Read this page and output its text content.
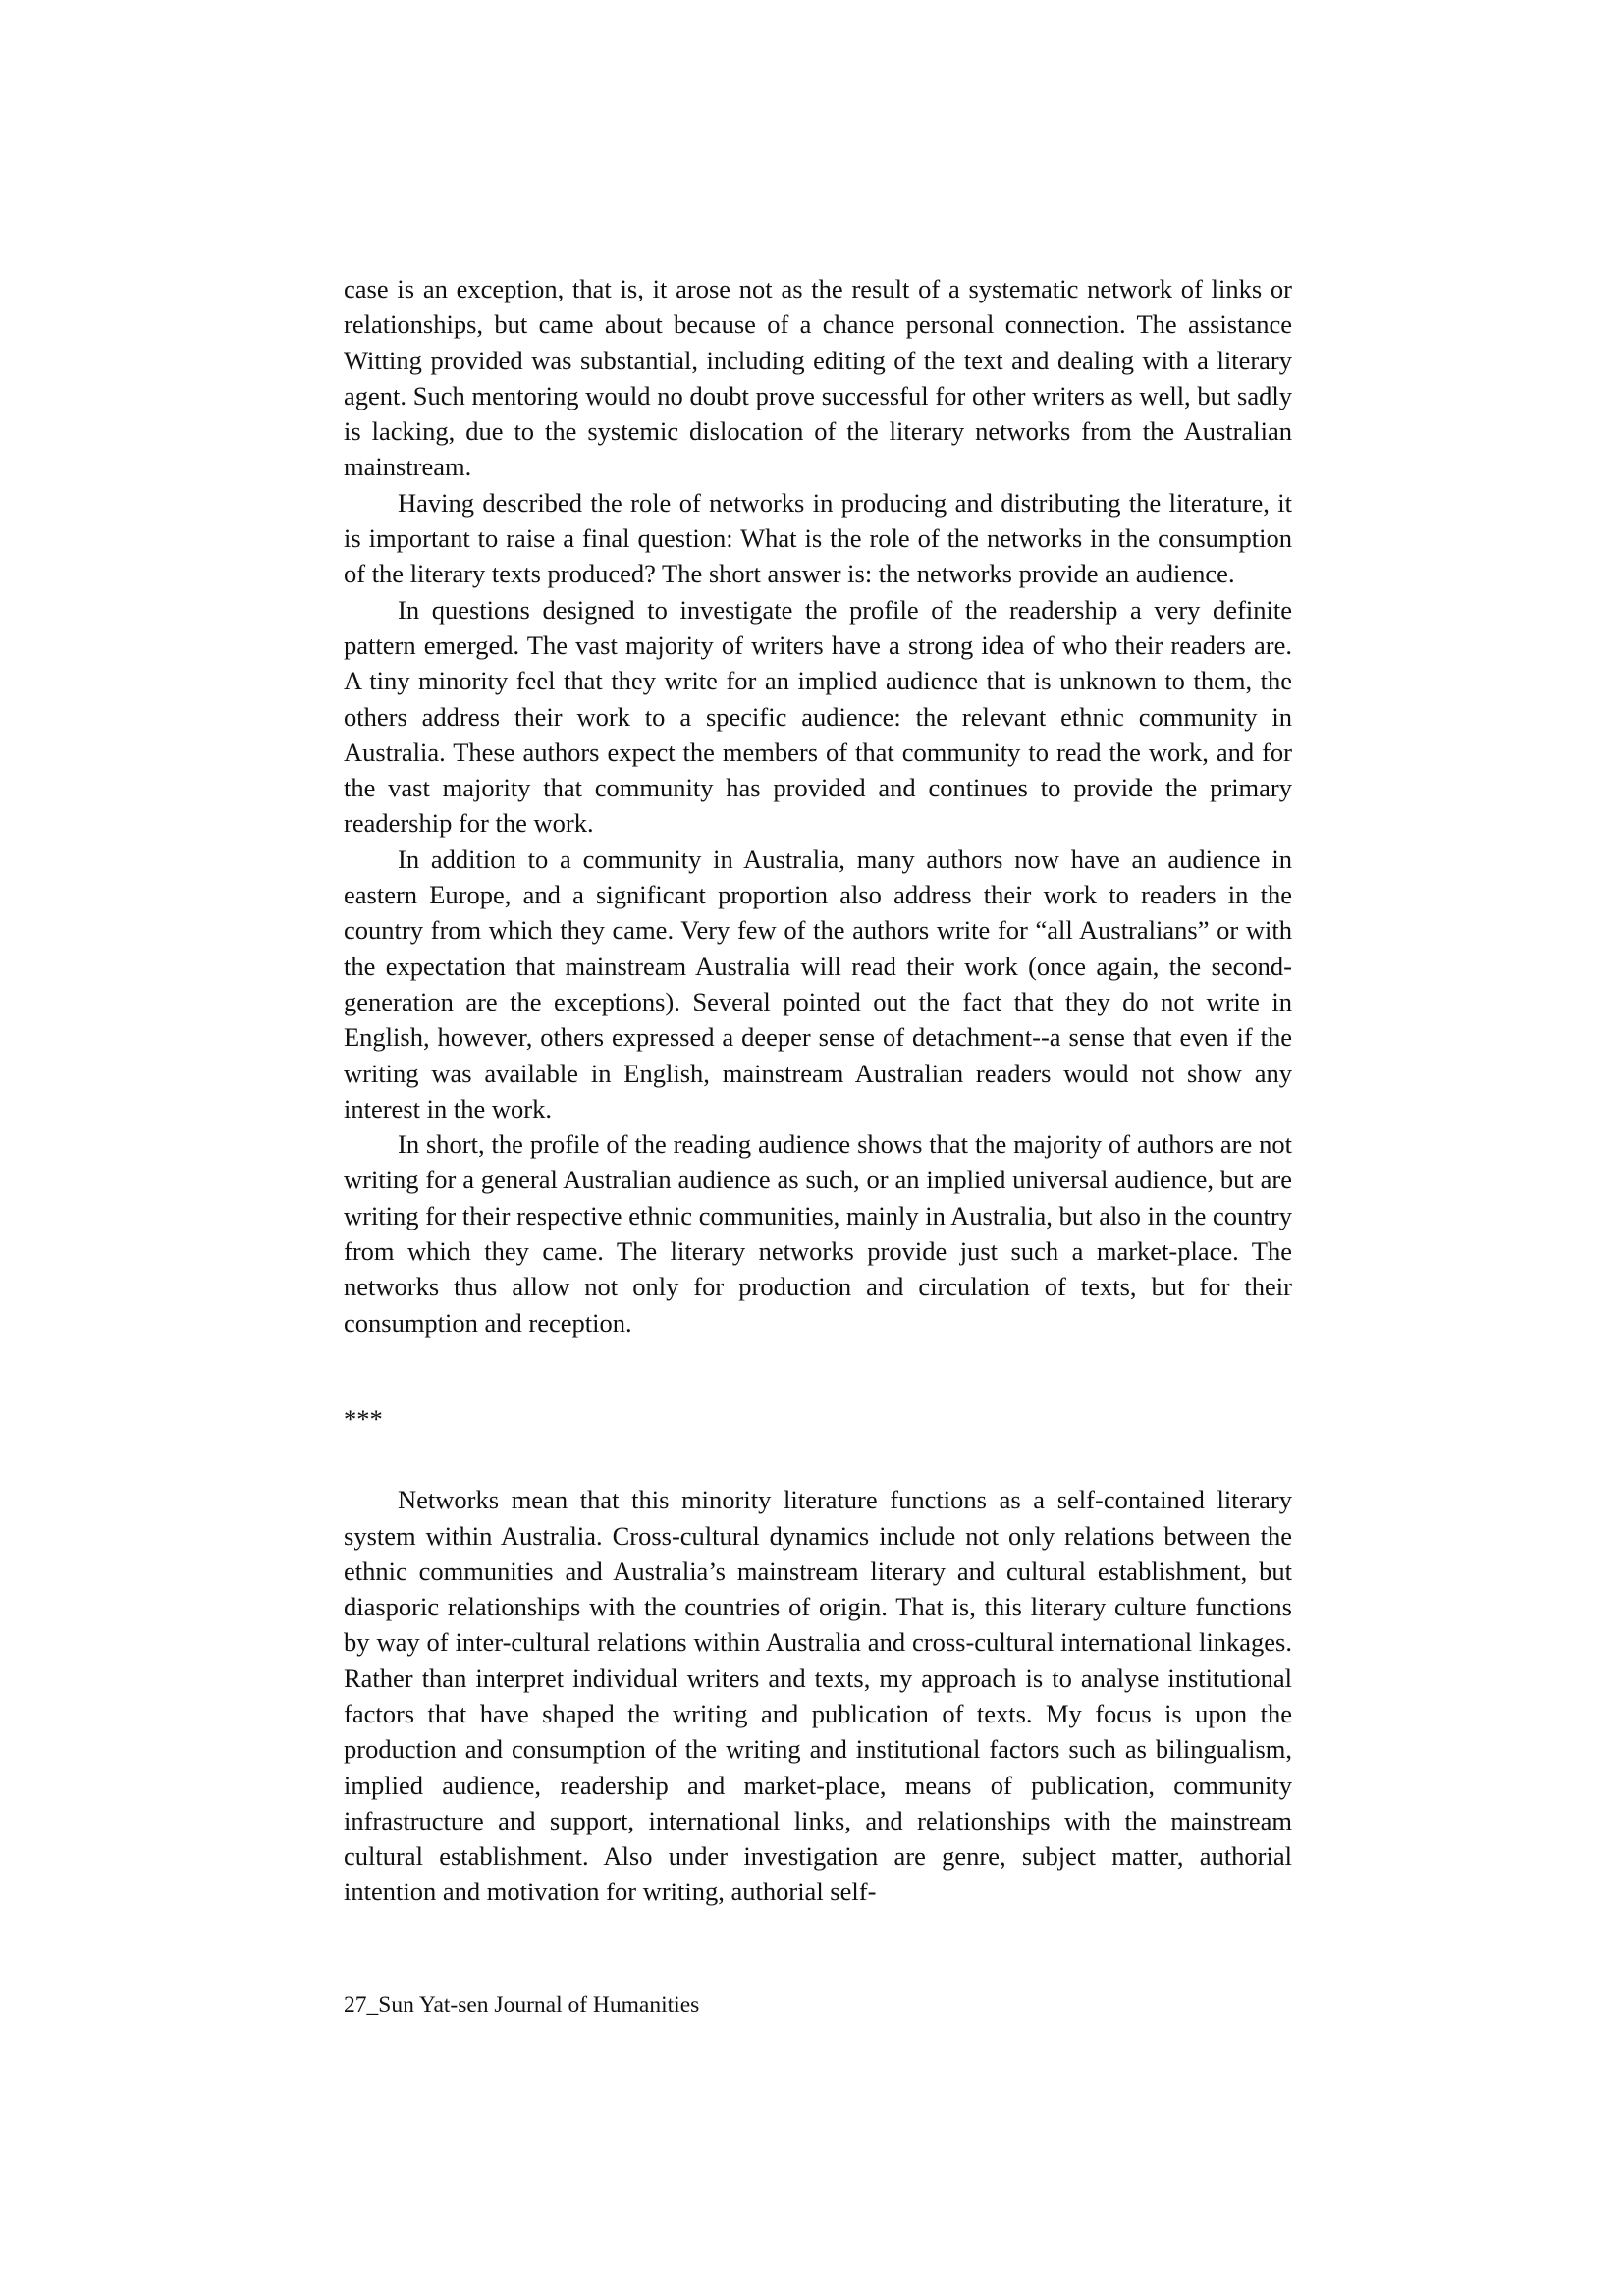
case is an exception, that is, it arose not as the result of a systematic network of links or relationships, but came about because of a chance personal connection. The assistance Witting provided was substantial, including editing of the text and dealing with a literary agent. Such mentoring would no doubt prove successful for other writers as well, but sadly is lacking, due to the systemic dislocation of the literary networks from the Australian mainstream.

Having described the role of networks in producing and distributing the literature, it is important to raise a final question: What is the role of the networks in the consumption of the literary texts produced? The short answer is: the networks provide an audience.

In questions designed to investigate the profile of the readership a very definite pattern emerged. The vast majority of writers have a strong idea of who their readers are. A tiny minority feel that they write for an implied audience that is unknown to them, the others address their work to a specific audience: the relevant ethnic community in Australia. These authors expect the members of that community to read the work, and for the vast majority that community has provided and continues to provide the primary readership for the work.

In addition to a community in Australia, many authors now have an audience in eastern Europe, and a significant proportion also address their work to readers in the country from which they came. Very few of the authors write for “all Australians” or with the expectation that mainstream Australia will read their work (once again, the second-generation are the exceptions). Several pointed out the fact that they do not write in English, however, others expressed a deeper sense of detachment--a sense that even if the writing was available in English, mainstream Australian readers would not show any interest in the work.

In short, the profile of the reading audience shows that the majority of authors are not writing for a general Australian audience as such, or an implied universal audience, but are writing for their respective ethnic communities, mainly in Australia, but also in the country from which they came. The literary networks provide just such a market-place. The networks thus allow not only for production and circulation of texts, but for their consumption and reception.

***

Networks mean that this minority literature functions as a self-contained literary system within Australia. Cross-cultural dynamics include not only relations between the ethnic communities and Australia’s mainstream literary and cultural establishment, but diasporic relationships with the countries of origin. That is, this literary culture functions by way of inter-cultural relations within Australia and cross-cultural international linkages. Rather than interpret individual writers and texts, my approach is to analyse institutional factors that have shaped the writing and publication of texts. My focus is upon the production and consumption of the writing and institutional factors such as bilingualism, implied audience, readership and market-place, means of publication, community infrastructure and support, international links, and relationships with the mainstream cultural establishment. Also under investigation are genre, subject matter, authorial intention and motivation for writing, authorial self-

27_Sun Yat-sen Journal of Humanities
